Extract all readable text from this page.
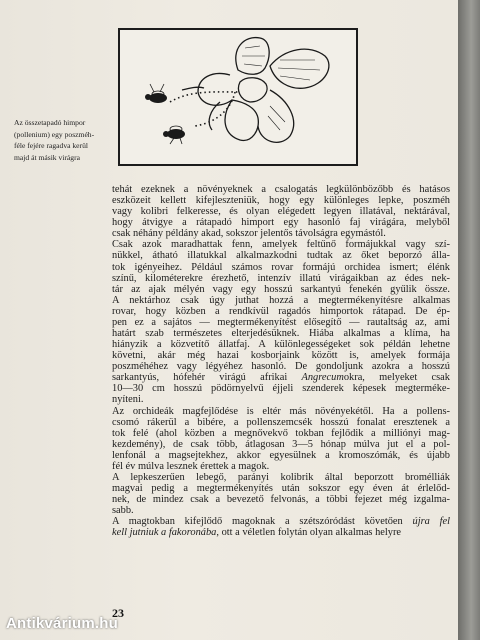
Az összetapadó himpor
(pollenium) egy poszméh-
féle fejére ragadva kerül
majd át másik virágra
tehát ezeknek a növényeknek a csalogatás legkülönbözőbb és hatásos
eszközeit kellett kifejleszteniük, hogy egy különleges lepke, poszméh
vagy kolibri felkeresse, és olyan elégedett legyen illatával, nektárával,
hogy átvigye a rátapadó himport egy hasonló faj virágára, melyből
csak néhány példány akad, sokszor jelentős távolságra egymástól.
Csak azok maradhattak fenn, amelyek feltűnő formájukkal vagy szí-
nükkel, átható illatukkal alkalmazkodni tudtak az őket beporzó álla-
tok igényeihez. Például számos rovar formájú orchidea ismert; élénk
színű, kilométerekre érezhető, intenzív illatú virágaikban az édes nek-
tár az ajak mélyén vagy egy hosszú sarkantyú fenekén gyűlik össze.
A nektárhoz csak úgy juthat hozzá a megtermékenyítésre alkalmas
rovar, hogy közben a rendkívül ragadós himportok rátapad. De ép-
pen ez a sajátos — megtermékenyítést elősegítő — rautaltság az, ami
határt szab természetes elterjedésüknek. Hiába alkalmas a klíma, ha
hiányzik a közvetítő állatfaj. A különlegességeket sok példán lehetne
követni, akár még hazai kosborjaink között is, amelyek formája
poszméhéhez vagy légyéhez hasonló. De gondoljunk azokra a hosszú
sarkantyús, hófehér virágú afrikai Angrecumokra, melyeket csak
10—30 cm hosszú pödörnyelvű éjjeli szenderek képesek megterméke-
nyíteni.
Az orchideák magfejlődése is eltér más növényekétől. Ha a pollens-
csomó rákerül a bibére, a pollenszemcsék hosszú fonalat eresztenek a
tok felé (ahol közben a megnővekvő tokban fejlődik a milliónyi mag-
kezdemény), de csak több, átlagosan 3—5 hónap múlva jut el a pol-
lenfonál a magsejtekhez, akkor egyesülnek a kromoszómák, és újabb
fél év múlva lesznek érettek a magok.
A lepkeszerűen lebegő, parányi kolibrik által beporzott bromélliák
magvai pedig a megtermékenyítés után sokszor egy éven át érlelőd-
nek, de mindez csak a bevezető felvonás, a többi fejezet még izgalma-
sabb.
A magtokban kifejlődő magoknak a szétszóródást követően újra fel
kell jutniuk a fakoronába, ott a véletlen folytán olyan alkalmas helyre
23
Antikvárium.hu
